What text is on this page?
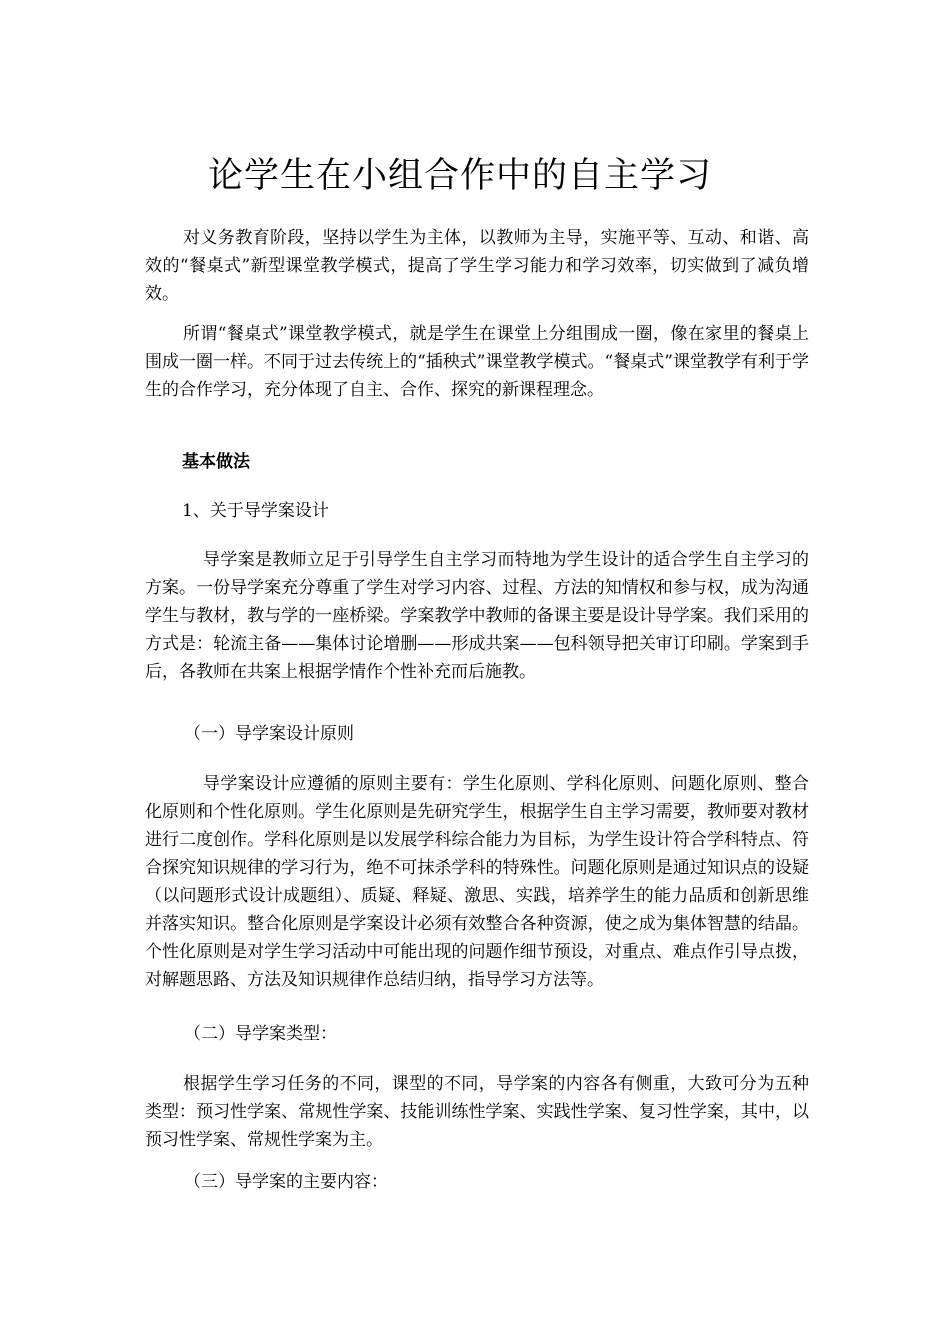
论学生在小组合作中的自主学习

对义务教育阶段，坚持以学生为主体，以教师为主导，实施平等、互动、和谐、高效的“餐桌式”新型课堂教学模式，提高了学生学习能力和学习效率，切实做到了减负增效。

所谓“餐桌式”课堂教学模式，就是学生在课堂上分组围成一圈，像在家里的餐桌上围成一圈一样。不同于过去传统上的“插秧式”课堂教学模式。“餐桌式”课堂教学有利于学生的合作学习，充分体现了自主、合作、探究的新课程理念。

基本做法

1、关于导学案设计

导学案是教师立足于引导学生自主学习而特地为学生设计的适合学生自主学习的方案。一份导学案充分尊重了学生对学习内容、过程、方法的知情权和参与权，成为沟通学生与教材，教与学的一座桥梁。学案教学中教师的备课主要是设计导学案。我们采用的方式是：轮流主备——集体讨论增删——形成共案——包科领导把关审订印刷。学案到手后，各教师在共案上根据学情作个性补充而后施教。

（一）导学案设计原则

导学案设计应遵循的原则主要有：学生化原则、学科化原则、问题化原则、整合化原则和个性化原则。学生化原则是先研究学生，根据学生自主学习需要，教师要对教材进行二度创作。学科化原则是以发展学科综合能力为目标，为学生设计符合学科特点、符合探究知识规律的学习行为，绝不可抹杀学科的特殊性。问题化原则是通过知识点的设疑（以问题形式设计成题组）、质疑、释疑、激思、实践，培养学生的能力品质和创新思维并落实知识。整合化原则是学案设计必须有效整合各种资源，使之成为集体智慧的结晶。个性化原则是对学生学习活动中可能出现的问题作细节预设，对重点、难点作引导点拨，对解题思路、方法及知识规律作总结归纳，指导学习方法等。

（二）导学案类型：

根据学生学习任务的不同，课型的不同，导学案的内容各有侧重，大致可分为五种类型：预习性学案、常规性学案、技能训练性学案、实践性学案、复习性学案，其中，以预习性学案、常规性学案为主。

（三）导学案的主要内容：
